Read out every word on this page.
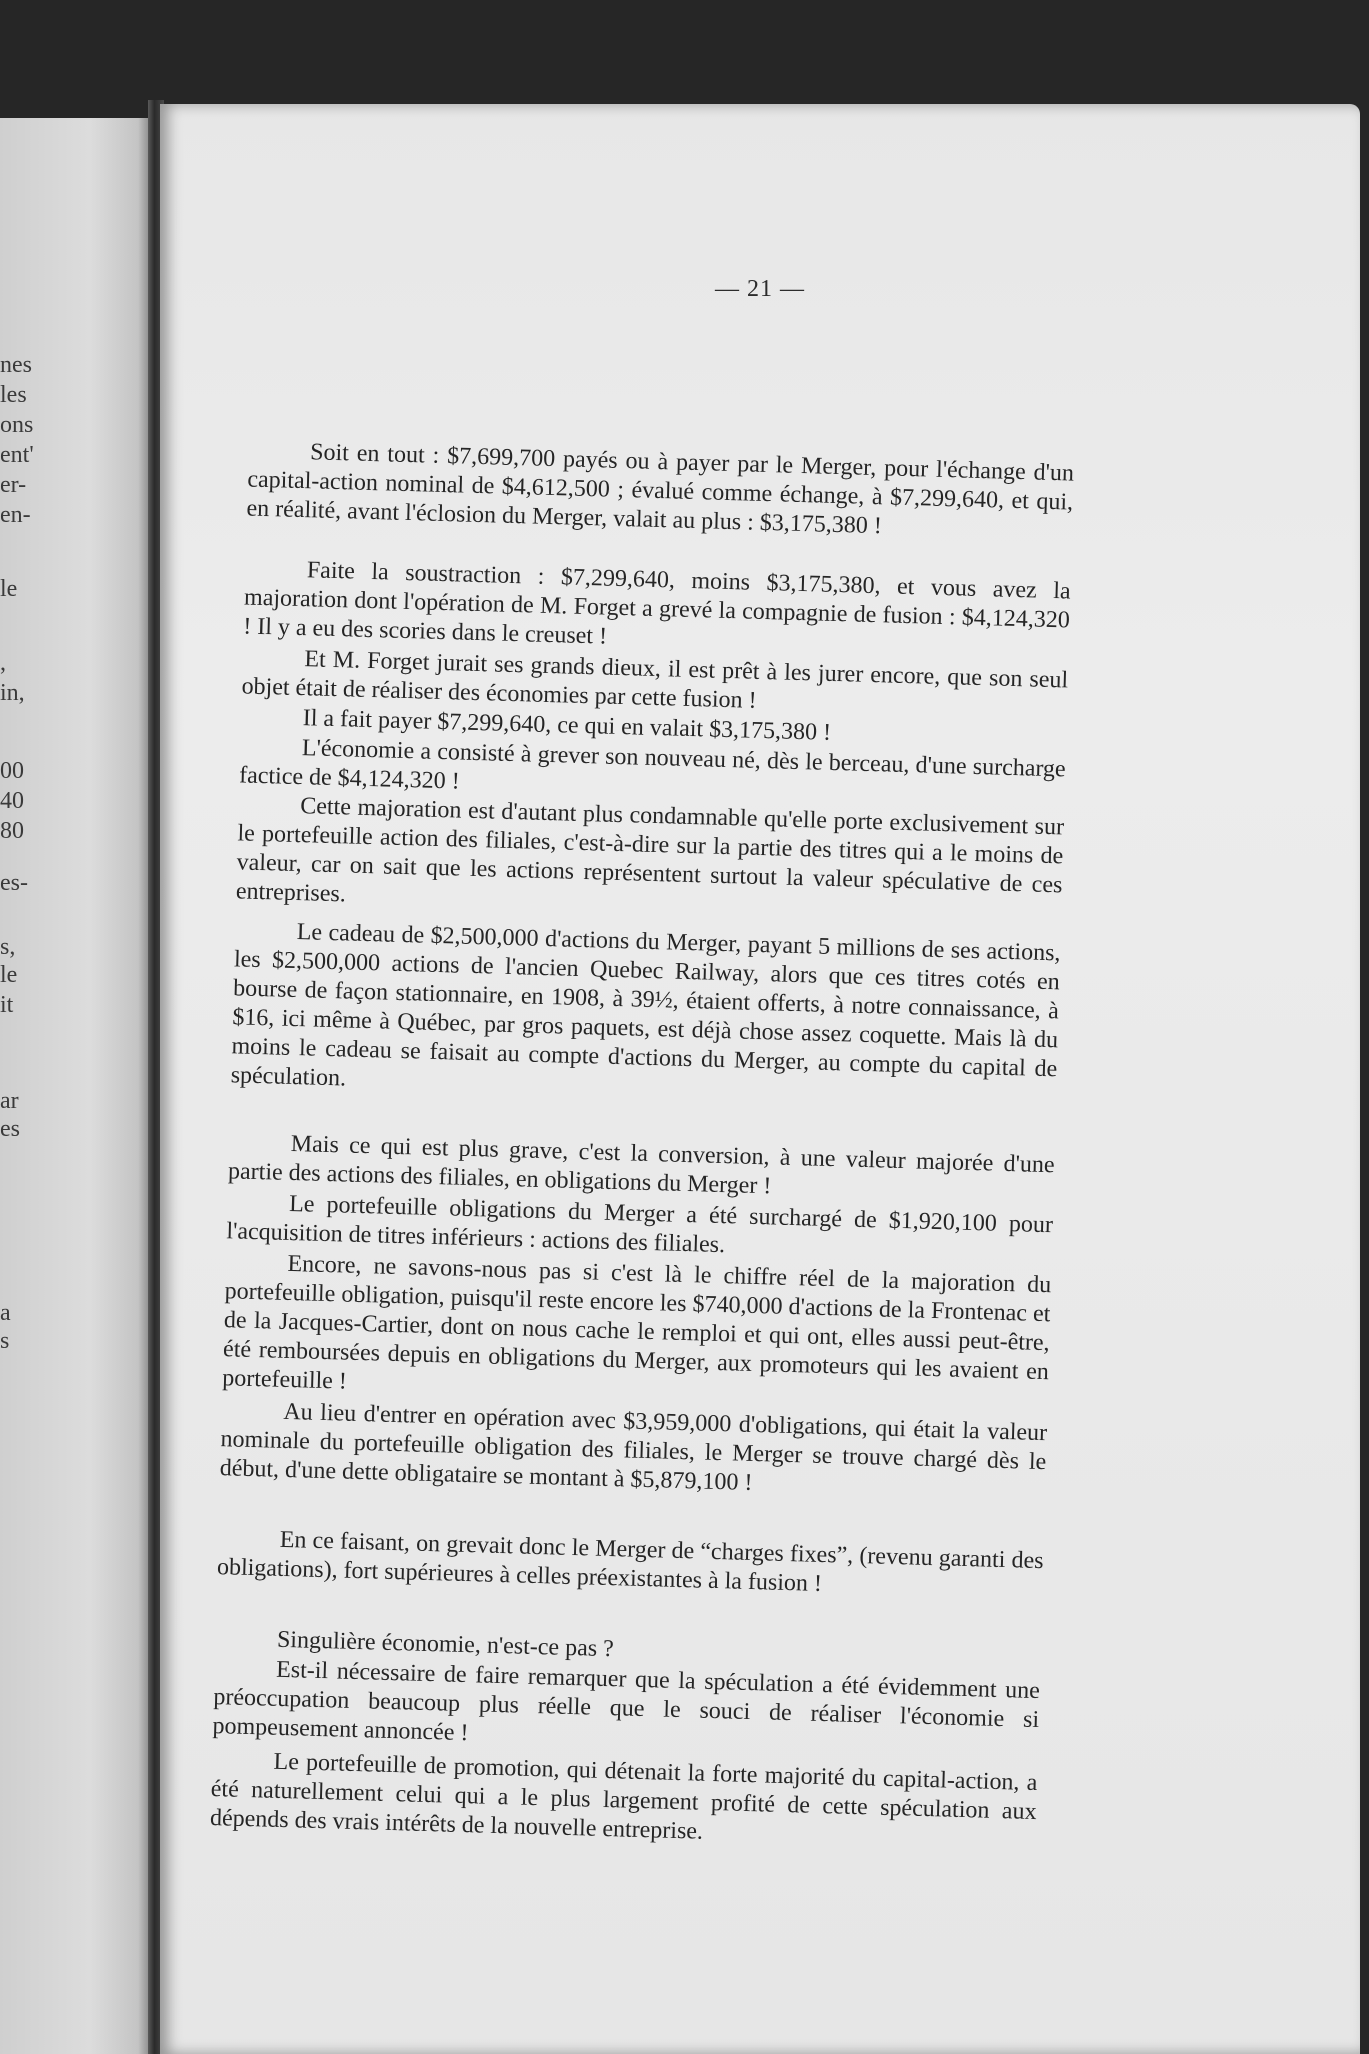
nes
les
ons
ent'
er-
en-
le
,
in,
00
40
80
es-
s,
le
it
ar
es
a
s
— 21 —

Soit en tout : $7,699,700 payés ou à payer par le Merger, pour l'échange d'un capital-action nominal de $4,612,500 ; évalué comme échange, à $7,299,640, et qui, en réalité, avant l'éclosion du Merger, valait au plus : $3,175,380 !

Faite la soustraction : $7,299,640, moins $3,175,380, et vous avez la majoration dont l'opération de M. Forget a grevé la compagnie de fusion : $4,124,320 ! Il y a eu des scories dans le creuset !

Et M. Forget jurait ses grands dieux, il est prêt à les jurer encore, que son seul objet était de réaliser des économies par cette fusion !

Il a fait payer $7,299,640, ce qui en valait $3,175,380 !

L'économie a consisté à grever son nouveau né, dès le berceau, d'une surcharge factice de $4,124,320 !

Cette majoration est d'autant plus condamnable qu'elle porte exclusivement sur le portefeuille action des filiales, c'est-à-dire sur la partie des titres qui a le moins de valeur, car on sait que les actions représentent surtout la valeur spéculative de ces entreprises.

Le cadeau de $2,500,000 d'actions du Merger, payant 5 millions de ses actions, les $2,500,000 actions de l'ancien Quebec Railway, alors que ces titres cotés en bourse de façon stationnaire, en 1908, à 39½, étaient offerts, à notre connaissance, à $16, ici même à Québec, par gros paquets, est déjà chose assez coquette. Mais là du moins le cadeau se faisait au compte d'actions du Merger, au compte du capital de spéculation.

Mais ce qui est plus grave, c'est la conversion, à une valeur majorée d'une partie des actions des filiales, en obligations du Merger !

Le portefeuille obligations du Merger a été surchargé de $1,920,100 pour l'acquisition de titres inférieurs : actions des filiales.

Encore, ne savons-nous pas si c'est là le chiffre réel de la majoration du portefeuille obligation, puisqu'il reste encore les $740,000 d'actions de la Frontenac et de la Jacques-Cartier, dont on nous cache le remploi et qui ont, elles aussi peut-être, été remboursées depuis en obligations du Merger, aux promoteurs qui les avaient en portefeuille !

Au lieu d'entrer en opération avec $3,959,000 d'obligations, qui était la valeur nominale du portefeuille obligation des filiales, le Merger se trouve chargé dès le début, d'une dette obligataire se montant à $5,879,100 !

En ce faisant, on grevait donc le Merger de “charges fixes”, (revenu garanti des obligations), fort supérieures à celles préexistantes à la fusion !

Singulière économie, n'est-ce pas ?

Est-il nécessaire de faire remarquer que la spéculation a été évidemment une préoccupation beaucoup plus réelle que le souci de réaliser l'économie si pompeusement annoncée !

Le portefeuille de promotion, qui détenait la forte majorité du capital-action, a été naturellement celui qui a le plus largement profité de cette spéculation aux dépends des vrais intérêts de la nouvelle entreprise.
